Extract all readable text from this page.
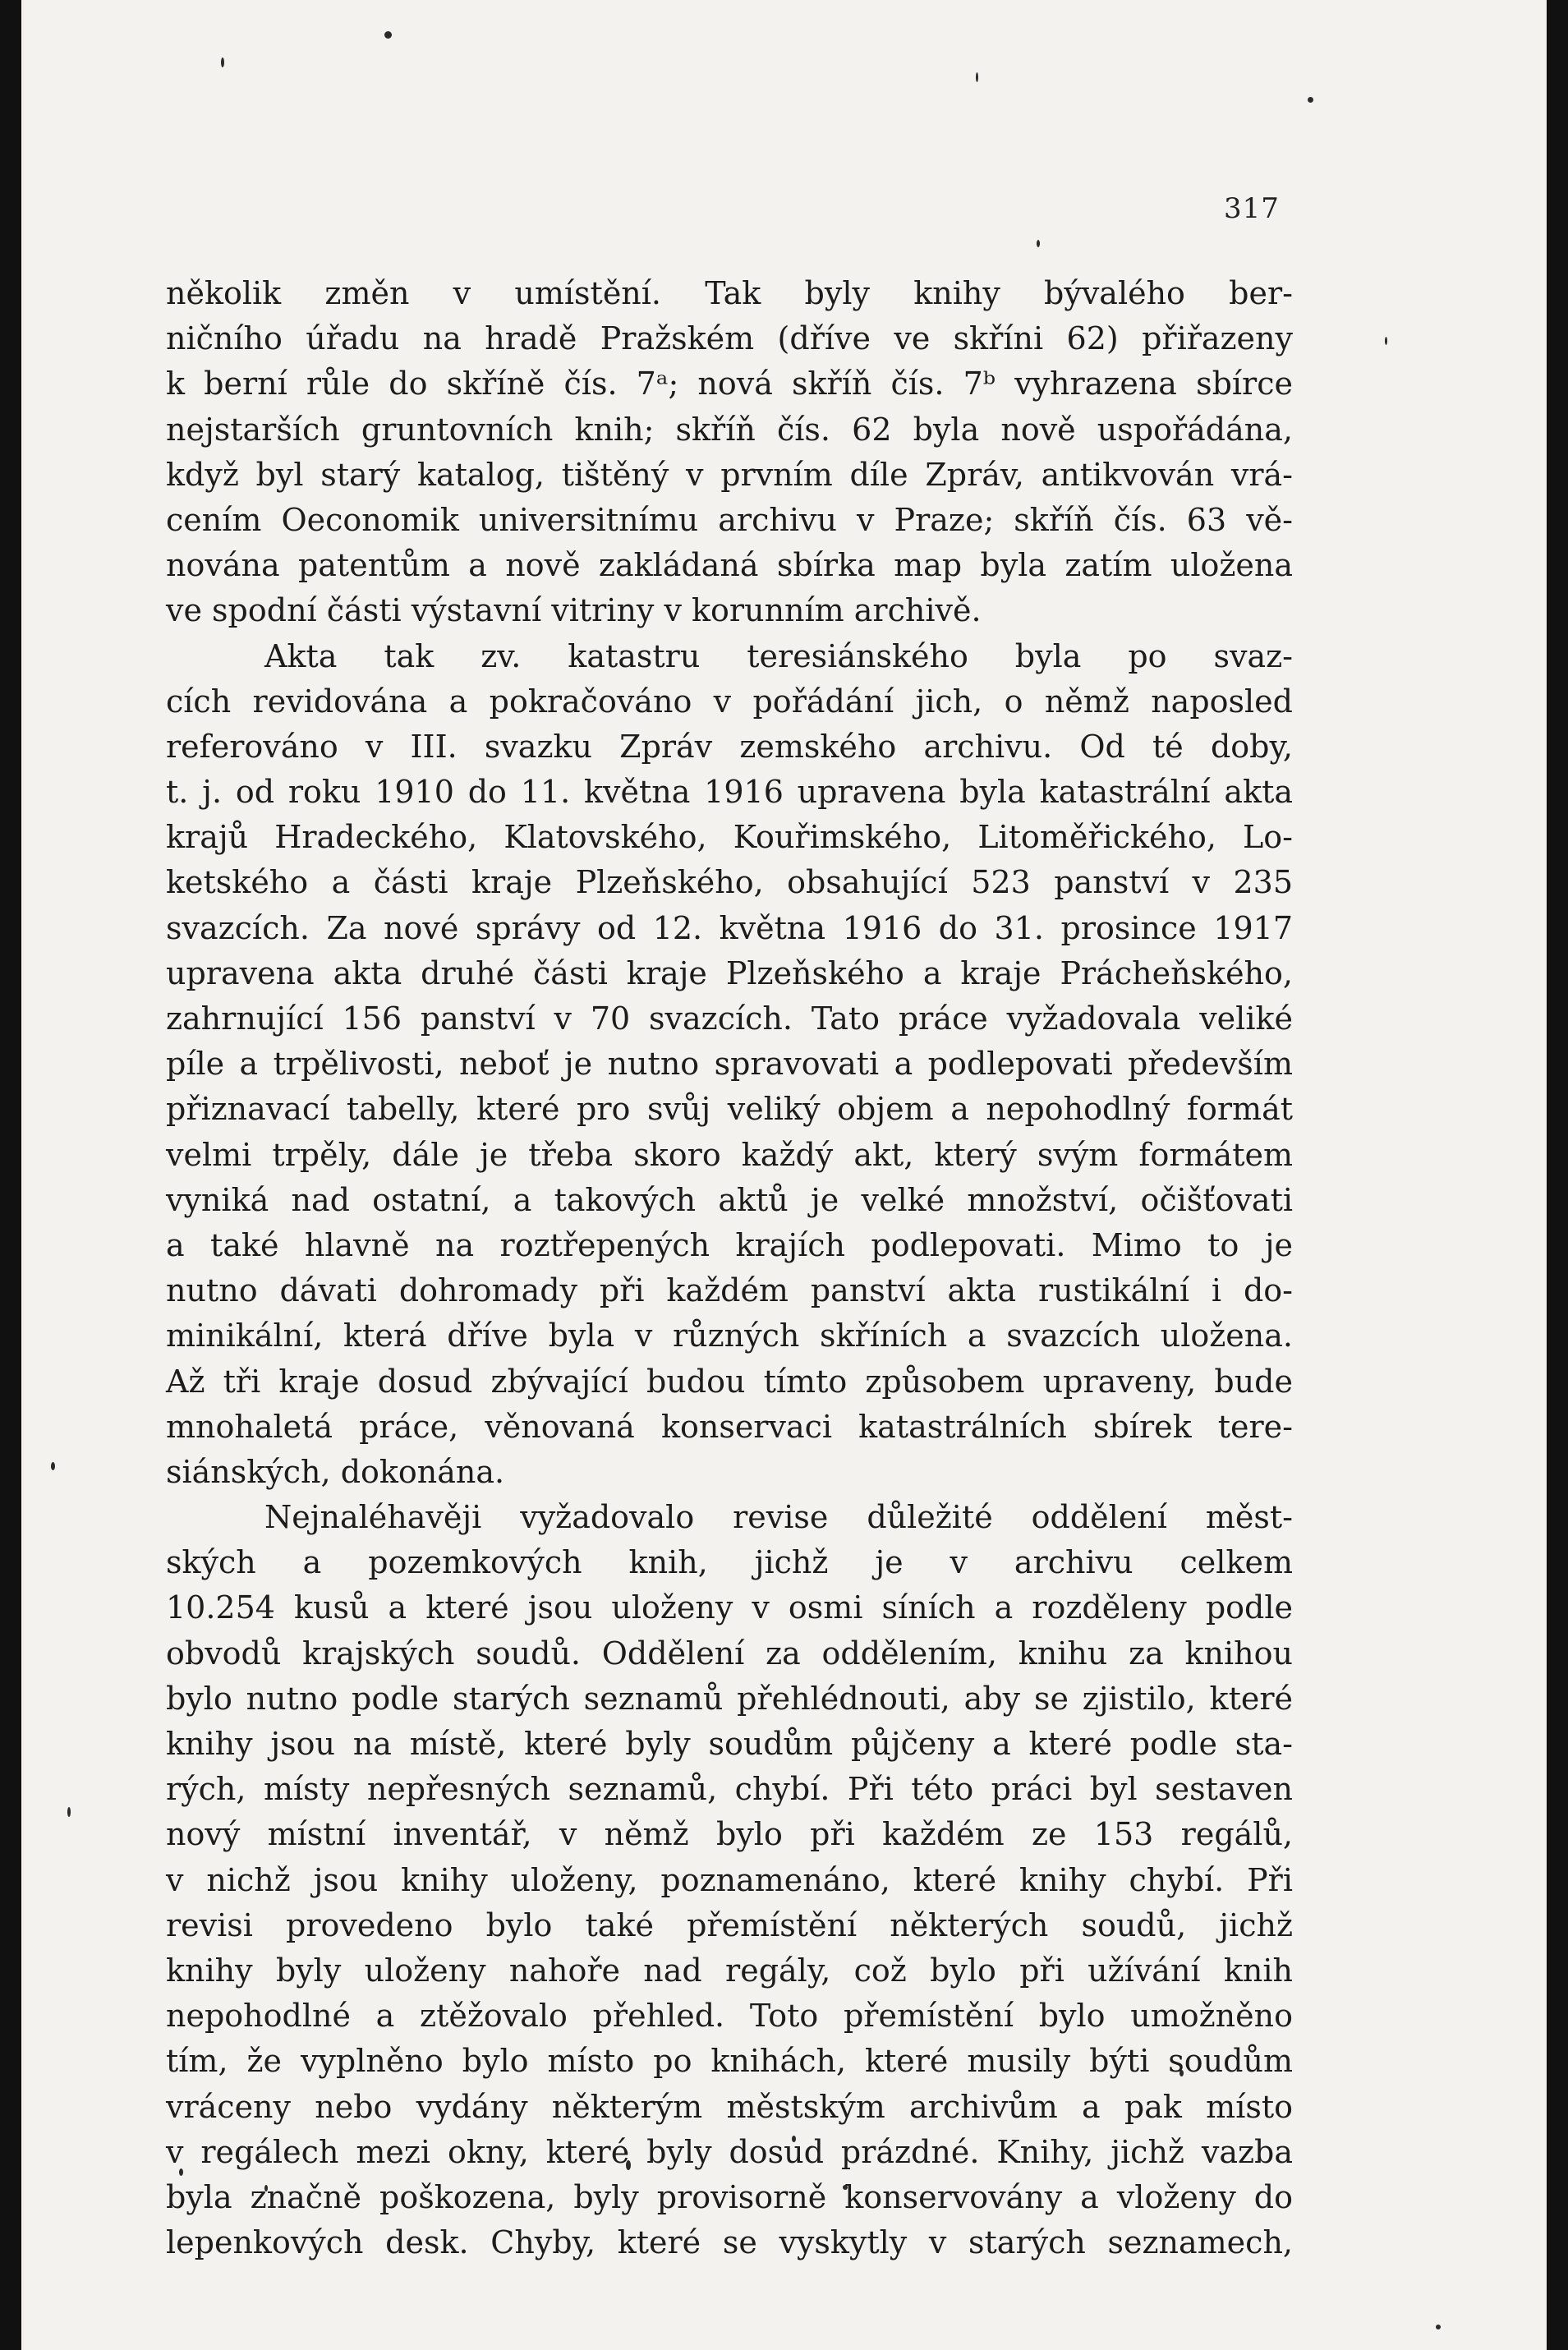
317
několik změn v umístění. Tak byly knihy bývalého ber-
ničního úřadu na hradě Pražském (dříve ve skříni 62) přiřazeny
k berní růle do skříně čís. 7ᵃ; nová skříň čís. 7ᵇ vyhrazena sbírce
nejstarších gruntovních knih; skříň čís. 62 byla nově uspořádána,
když byl starý katalog, tištěný v prvním díle Zpráv, antikvován vrá-
cením Oeconomik universitnímu archivu v Praze; skříň čís. 63 vě-
nována patentům a nově zakládaná sbírka map byla zatím uložena
ve spodní části výstavní vitriny v korunním archivě.
Akta tak zv. katastru teresiánského byla po svaz-
cích revidována a pokračováno v pořádání jich, o němž naposled
referováno v III. svazku Zpráv zemského archivu. Od té doby,
t. j. od roku 1910 do 11. května 1916 upravena byla katastrální akta
krajů Hradeckého, Klatovského, Kouřimského, Litoměřického, Lo-
ketského a části kraje Plzeňského, obsahující 523 panství v 235
svazcích. Za nové správy od 12. května 1916 do 31. prosince 1917
upravena akta druhé části kraje Plzeňského a kraje Prácheňského,
zahrnující 156 panství v 70 svazcích. Tato práce vyžadovala veliké
píle a trpělivosti, neboť je nutno spravovati a podlepovati především
přiznavací tabelly, které pro svůj veliký objem a nepohodlný formát
velmi trpěly, dále je třeba skoro každý akt, který svým formátem
vyniká nad ostatní, a takových aktů je velké množství, očišťovati
a také hlavně na roztřepených krajích podlepovati. Mimo to je
nutno dávati dohromady při každém panství akta rustikální i do-
minikální, která dříve byla v různých skříních a svazcích uložena.
Až tři kraje dosud zbývající budou tímto způsobem upraveny, bude
mnohaletá práce, věnovaná konservaci katastrálních sbírek tere-
siánských, dokonána.
Nejnaléhavěji vyžadovalo revise důležité oddělení měst-
ských a pozemkových knih, jichž je v archivu celkem
10.254 kusů a které jsou uloženy v osmi síních a rozděleny podle
obvodů krajských soudů. Oddělení za oddělením, knihu za knihou
bylo nutno podle starých seznamů přehlédnouti, aby se zjistilo, které
knihy jsou na místě, které byly soudům půjčeny a které podle sta-
rých, místy nepřesných seznamů, chybí. Při této práci byl sestaven
nový místní inventář, v němž bylo při každém ze 153 regálů,
v nichž jsou knihy uloženy, poznamenáno, které knihy chybí. Při
revisi provedeno bylo také přemístění některých soudů, jichž
knihy byly uloženy nahoře nad regály, což bylo při užívání knih
nepohodlné a ztěžovalo přehled. Toto přemístění bylo umožněno
tím, že vyplněno bylo místo po knihách, které musily býti soudům
vráceny nebo vydány některým městským archivům a pak místo
v regálech mezi okny, které byly dosud prázdné. Knihy, jichž vazba
byla značně poškozena, byly provisorně konservovány a vloženy do
lepenkových desk. Chyby, které se vyskytly v starých seznamech,
